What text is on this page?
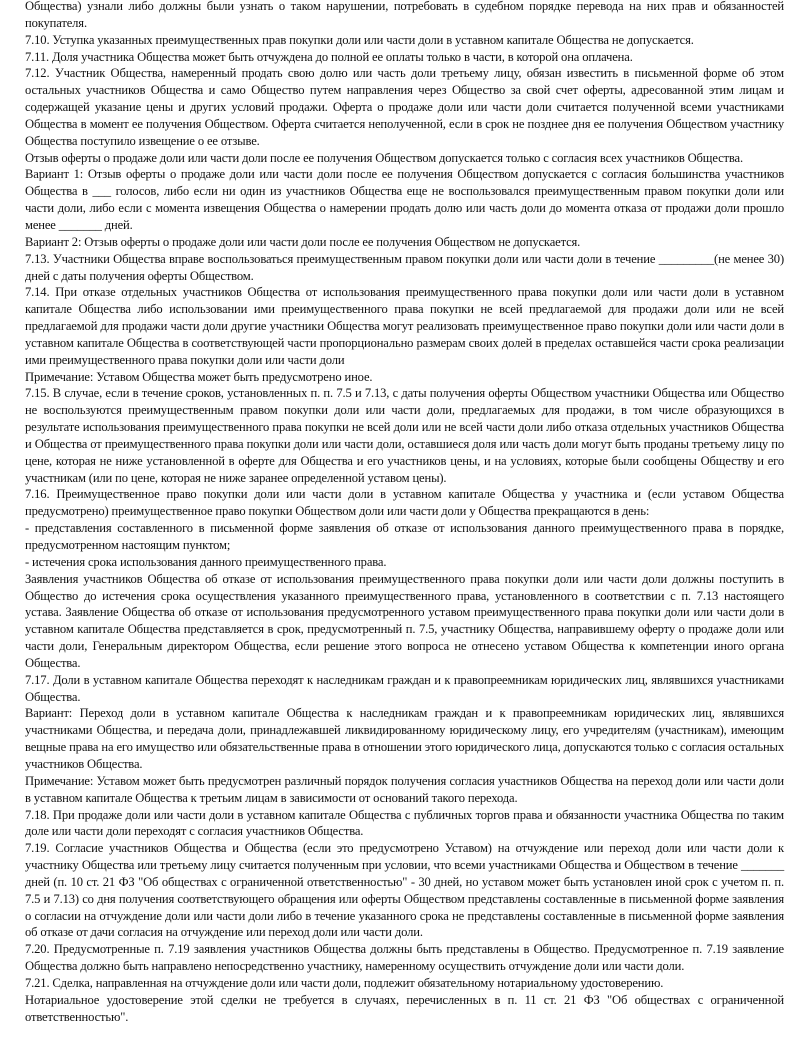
Общества) узнали либо должны были узнать о таком нарушении, потребовать в судебном порядке перевода на них прав и обязанностей покупателя.

7.10. Уступка указанных преимущественных прав покупки доли или части доли в уставном капитале Общества не допускается.

7.11. Доля участника Общества может быть отчуждена до полной ее оплаты только в части, в которой она оплачена.

7.12. Участник Общества, намеренный продать свою долю или часть доли третьему лицу, обязан известить в письменной форме об этом остальных участников Общества и само Общество путем направления через Общество за свой счет оферты, адресованной этим лицам и содержащей указание цены и других условий продажи. Оферта о продаже доли или части доли считается полученной всеми участниками Общества в момент ее получения Обществом. Оферта считается неполученной, если в срок не позднее дня ее получения Обществом участнику Общества поступило извещение о ее отзыве.

Отзыв оферты о продаже доли или части доли после ее получения Обществом допускается только с согласия всех участников Общества.

Вариант 1: Отзыв оферты о продаже доли или части доли после ее получения Обществом допускается с согласия большинства участников Общества в ___ голосов, либо если ни один из участников Общества еще не воспользовался преимущественным правом покупки доли или части доли, либо если с момента извещения Общества о намерении продать долю или часть доли до момента отказа от продажи доли прошло менее _______ дней.

Вариант 2: Отзыв оферты о продаже доли или части доли после ее получения Обществом не допускается.

7.13. Участники Общества вправе воспользоваться преимущественным правом покупки доли или части доли в течение _________(не менее 30) дней с даты получения оферты Обществом.

7.14. При отказе отдельных участников Общества от использования преимущественного права покупки доли или части доли в уставном капитале Общества либо использовании ими преимущественного права покупки не всей предлагаемой для продажи доли или не всей предлагаемой для продажи части доли другие участники Общества могут реализовать преимущественное право покупки доли или части доли в уставном капитале Общества в соответствующей части пропорционально размерам своих долей в пределах оставшейся части срока реализации ими преимущественного права покупки доли или части доли

Примечание: Уставом Общества может быть предусмотрено иное.

7.15. В случае, если в течение сроков, установленных п. п. 7.5 и 7.13, с даты получения оферты Обществом участники Общества или Общество не воспользуются преимущественным правом покупки доли или части доли, предлагаемых для продажи, в том числе образующихся в результате использования преимущественного права покупки не всей доли или не всей части доли либо отказа отдельных участников Общества и Общества от преимущественного права покупки доли или части доли, оставшиеся доля или часть доли могут быть проданы третьему лицу по цене, которая не ниже установленной в оферте для Общества и его участников цены, и на условиях, которые были сообщены Обществу и его участникам (или по цене, которая не ниже заранее определенной уставом цены).

7.16. Преимущественное право покупки доли или части доли в уставном капитале Общества у участника и (если уставом Общества предусмотрено) преимущественное право покупки Обществом доли или части доли у Общества прекращаются в день:

- представления составленного в письменной форме заявления об отказе от использования данного преимущественного права в порядке, предусмотренном настоящим пунктом;

- истечения срока использования данного преимущественного права.

Заявления участников Общества об отказе от использования преимущественного права покупки доли или части доли должны поступить в Общество до истечения срока осуществления указанного преимущественного права, установленного в соответствии с п. 7.13 настоящего устава. Заявление Общества об отказе от использования предусмотренного уставом преимущественного права покупки доли или части доли в уставном капитале Общества представляется в срок, предусмотренный п. 7.5, участнику Общества, направившему оферту о продаже доли или части доли, Генеральным директором Общества, если решение этого вопроса не отнесено уставом Общества к компетенции иного органа Общества.

7.17. Доли в уставном капитале Общества переходят к наследникам граждан и к правопреемникам юридических лиц, являвшихся участниками Общества.

Вариант: Переход доли в уставном капитале Общества к наследникам граждан и к правопреемникам юридических лиц, являвшихся участниками Общества, и передача доли, принадлежавшей ликвидированному юридическому лицу, его учредителям (участникам), имеющим вещные права на его имущество или обязательственные права в отношении этого юридического лица, допускаются только с согласия остальных участников Общества.

Примечание: Уставом может быть предусмотрен различный порядок получения согласия участников Общества на переход доли или части доли в уставном капитале Общества к третьим лицам в зависимости от оснований такого перехода.

7.18. При продаже доли или части доли в уставном капитале Общества с публичных торгов права и обязанности участника Общества по таким доле или части доли переходят с согласия участников Общества.

7.19. Согласие участников Общества и Общества (если это предусмотрено Уставом) на отчуждение или переход доли или части доли к участнику Общества или третьему лицу считается полученным при условии, что всеми участниками Общества и Обществом в течение _______ дней (п. 10 ст. 21 ФЗ "Об обществах с ограниченной ответственностью" - 30 дней, но уставом может быть установлен иной срок с учетом п. п. 7.5 и 7.13) со дня получения соответствующего обращения или оферты Обществом представлены составленные в письменной форме заявления о согласии на отчуждение доли или части доли либо в течение указанного срока не представлены составленные в письменной форме заявления об отказе от дачи согласия на отчуждение или переход доли или части доли.

7.20. Предусмотренные п. 7.19 заявления участников Общества должны быть представлены в Общество. Предусмотренное п. 7.19 заявление Общества должно быть направлено непосредственно участнику, намеренному осуществить отчуждение доли или части доли.

7.21. Сделка, направленная на отчуждение доли или части доли, подлежит обязательному нотариальному удостоверению.

Нотариальное удостоверение этой сделки не требуется в случаях, перечисленных в п. 11 ст. 21 ФЗ "Об обществах с ограниченной ответственностью".
